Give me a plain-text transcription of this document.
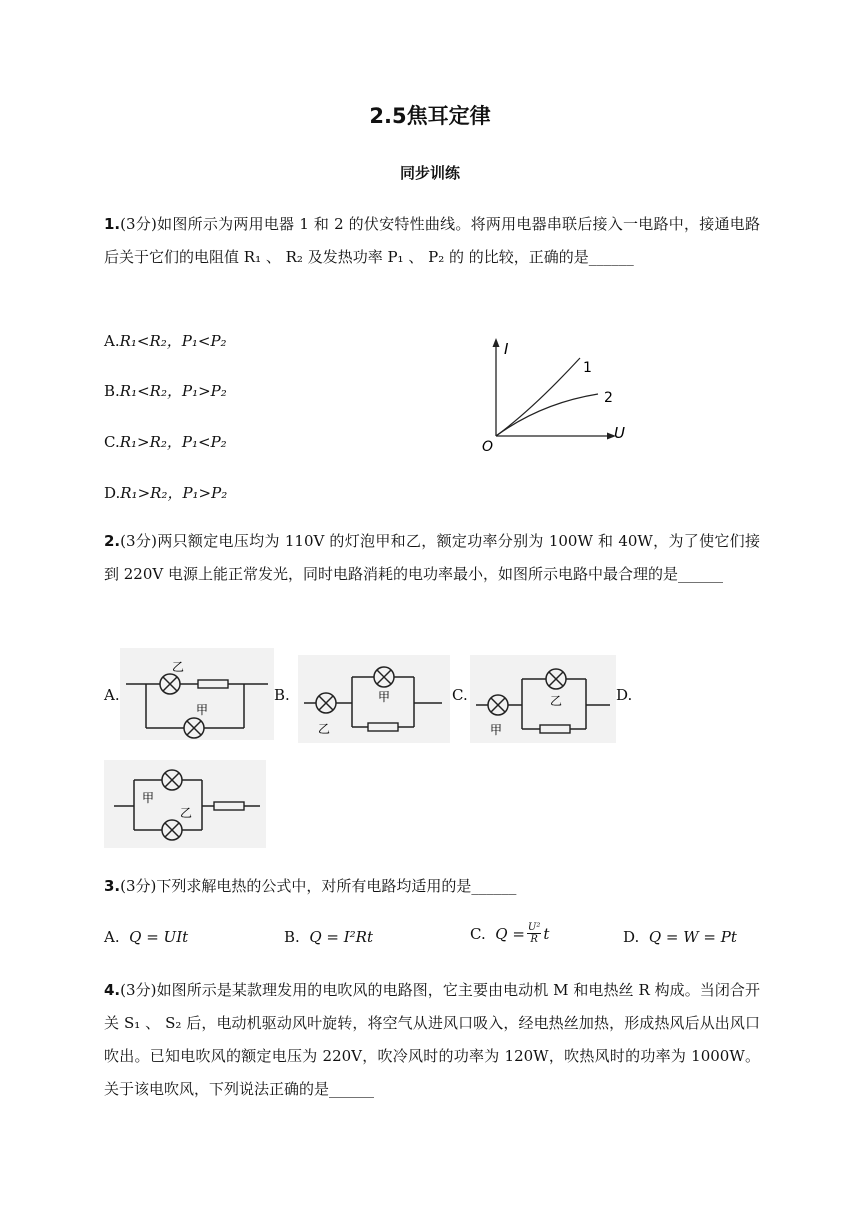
2.5焦耳定律
同步训练
1.(3分)如图所示为两用电器 1 和 2 的伏安特性曲线。将两用电器串联后接入一电路中，接通电路后关于它们的电阻值 R₁ 、 R₂ 及发热功率 P₁ 、 P₂ 的 的比较，正确的是______
A.R₁<R₂，P₁<P₂
B.R₁<R₂，P₁>P₂
C.R₁>R₂，P₁<P₂
D.R₁>R₂，P₁>P₂
I
U
O
1
2
2.(3分)两只额定电压均为 110V 的灯泡甲和乙，额定功率分别为 100W 和 40W，为了使它们接到 220V 电源上能正常发光，同时电路消耗的电功率最小，如图所示电路中最合理的是______
A.	B.	C.	D.
乙
甲
乙
甲
甲
乙
甲
乙
3.(3分)下列求解电热的公式中，对所有电路均适用的是______
A. Q = UIt	B. Q = I²Rt	C.
$Q = \frac{\text{U²}}{R}$ t	D. Q = W = Pt
4.(3分)如图所示是某款理发用的电吹风的电路图，它主要由电动机 M 和电热丝 R 构成。当闭合开关 S₁ 、 S₂ 后，电动机驱动风叶旋转，将空气从进风口吸入，经电热丝加热，形成热风后从出风口吹出。已知电吹风的额定电压为 220V，吹冷风时的功率为 120W，吹热风时的功率为 1000W。关于该电吹风，下列说法正确的是______
